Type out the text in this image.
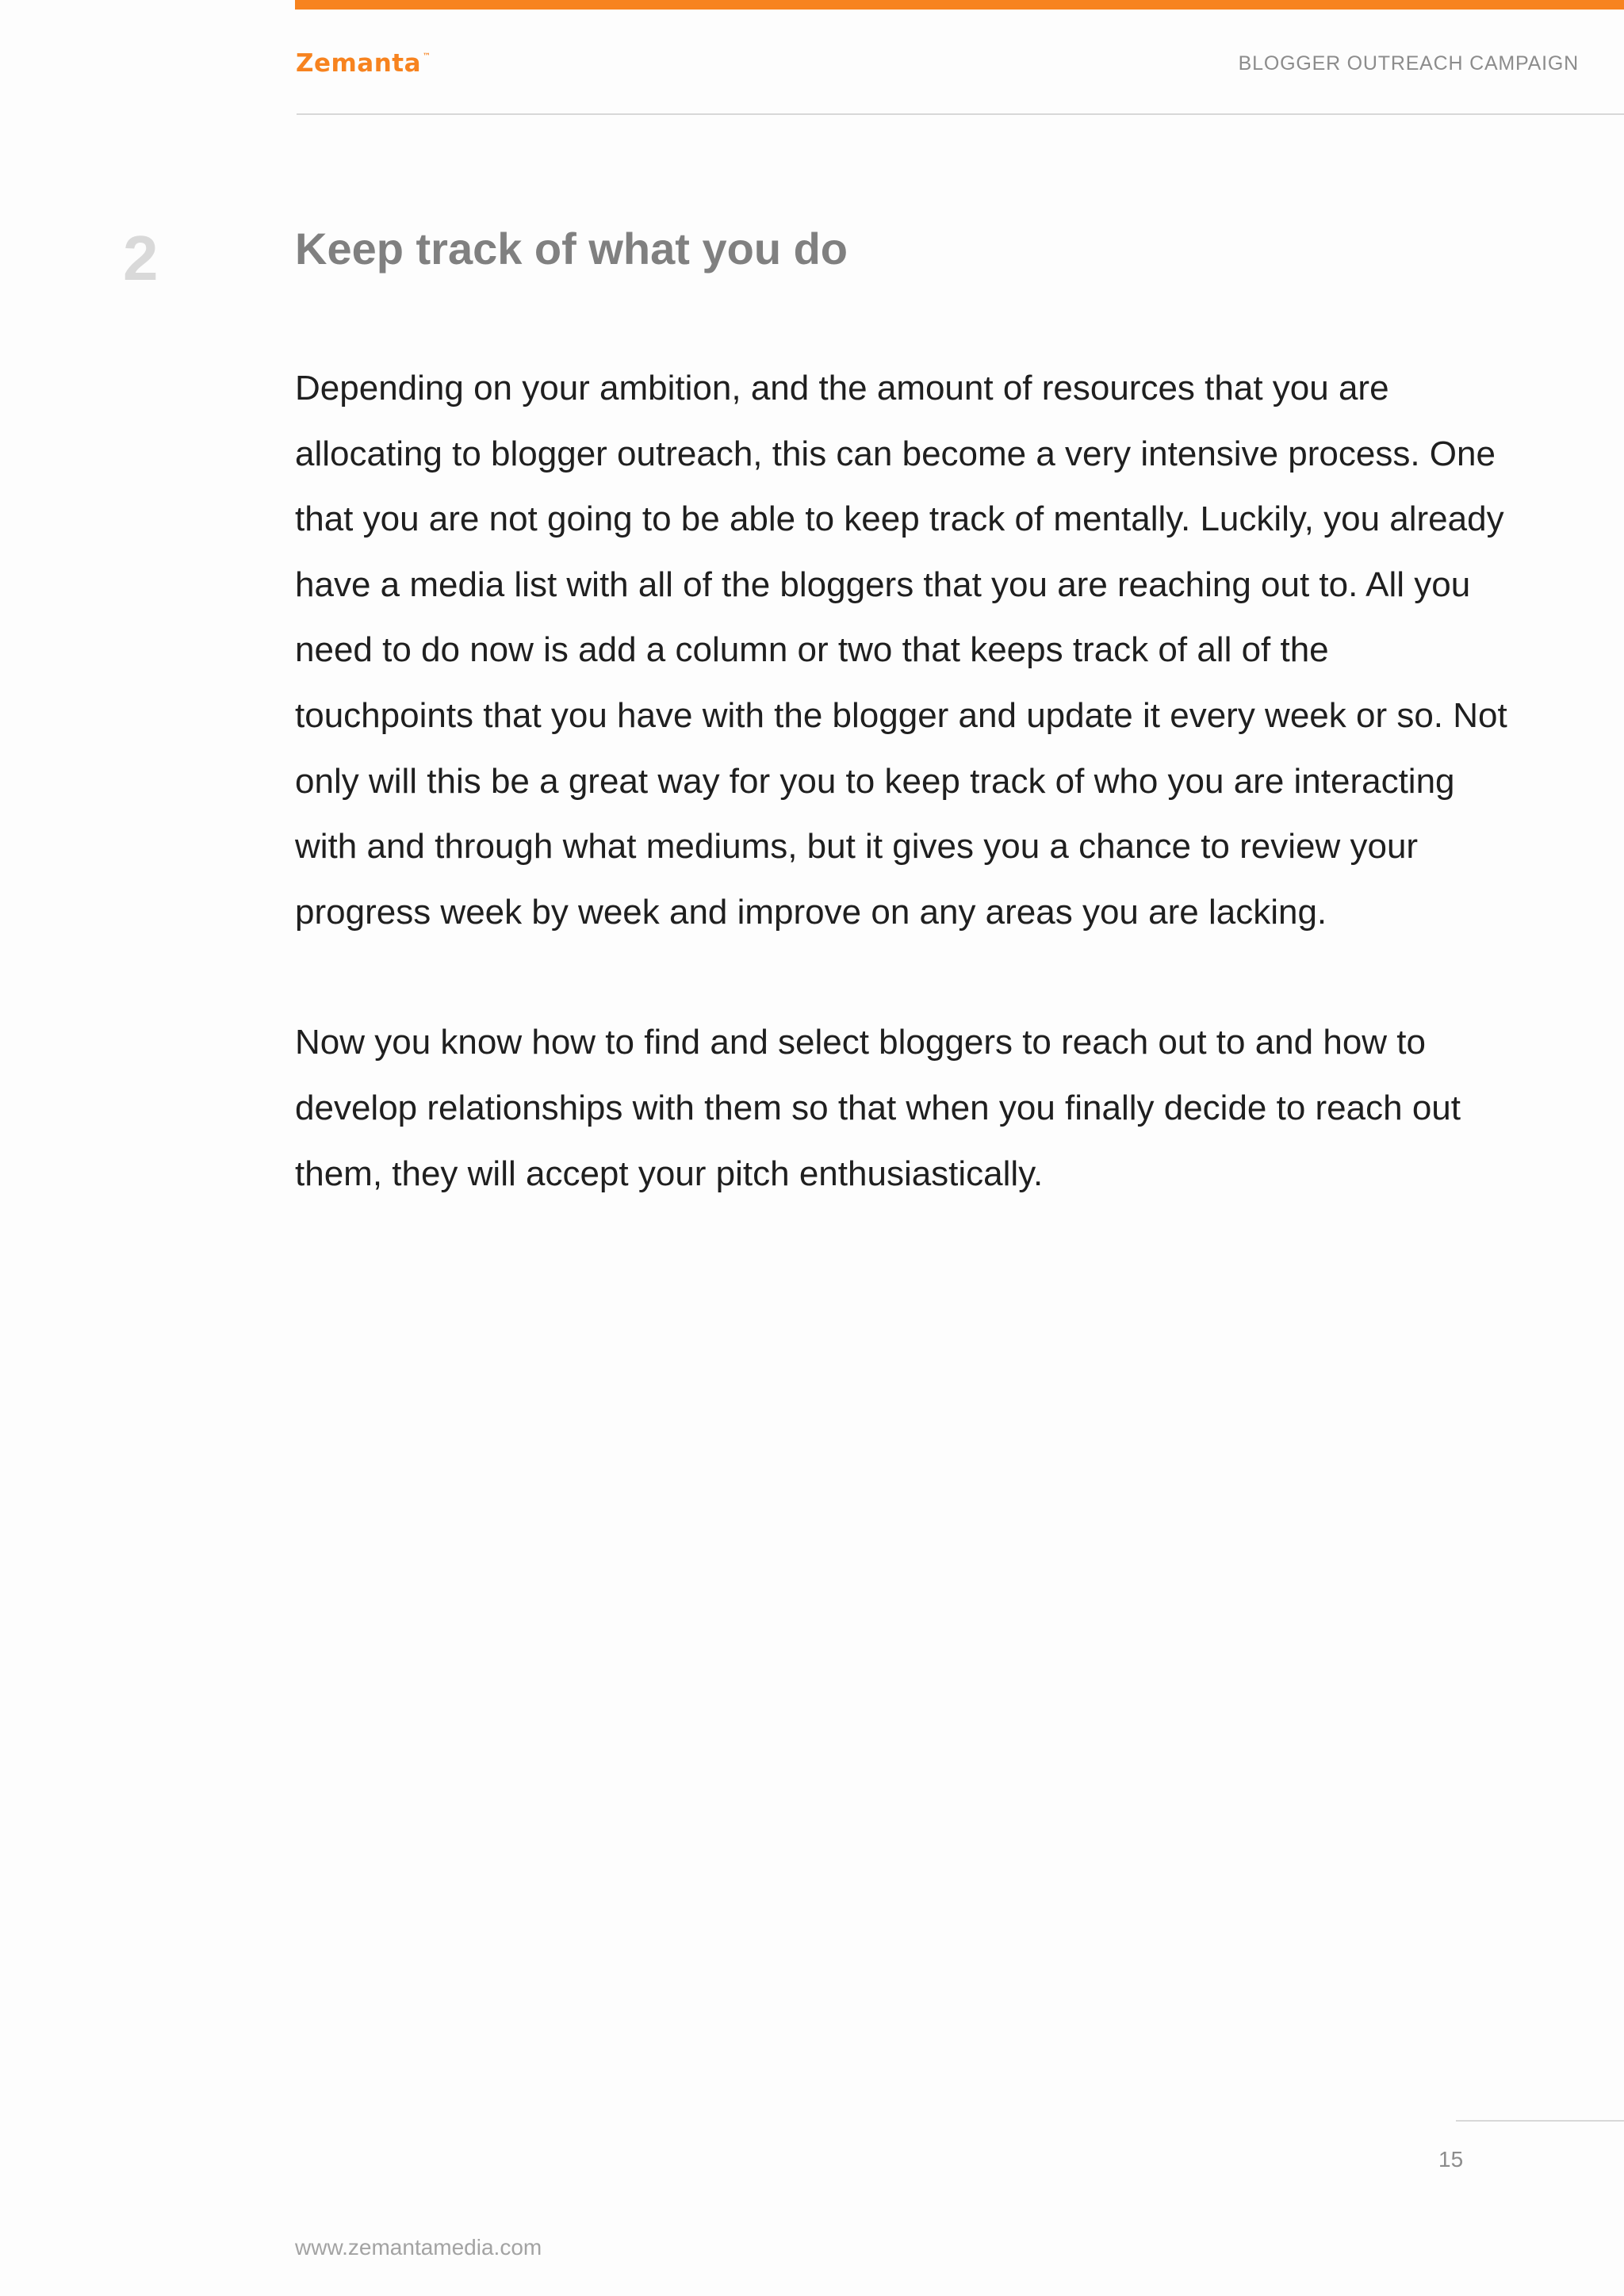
Zemanta ™	BLOGGER OUTREACH CAMPAIGN
2	Keep track of what you do

Depending on your ambition, and the amount of resources that you are allocating to blogger outreach, this can become a very intensive process. One that you are not going to be able to keep track of mentally. Luckily, you already have a media list with all of the bloggers that you are reaching out to. All you need to do now is add a column or two that keeps track of all of the touchpoints that you have with the blogger and update it every week or so. Not only will this be a great way for you to keep track of who you are interacting with and through what mediums, but it gives you a chance to review your progress week by week and improve on any areas you are lacking.

Now you know how to find and select bloggers to reach out to and how to develop relationships with them so that when you finally decide to reach out them, they will accept your pitch enthusiastically.

15
www.zemantamedia.com
